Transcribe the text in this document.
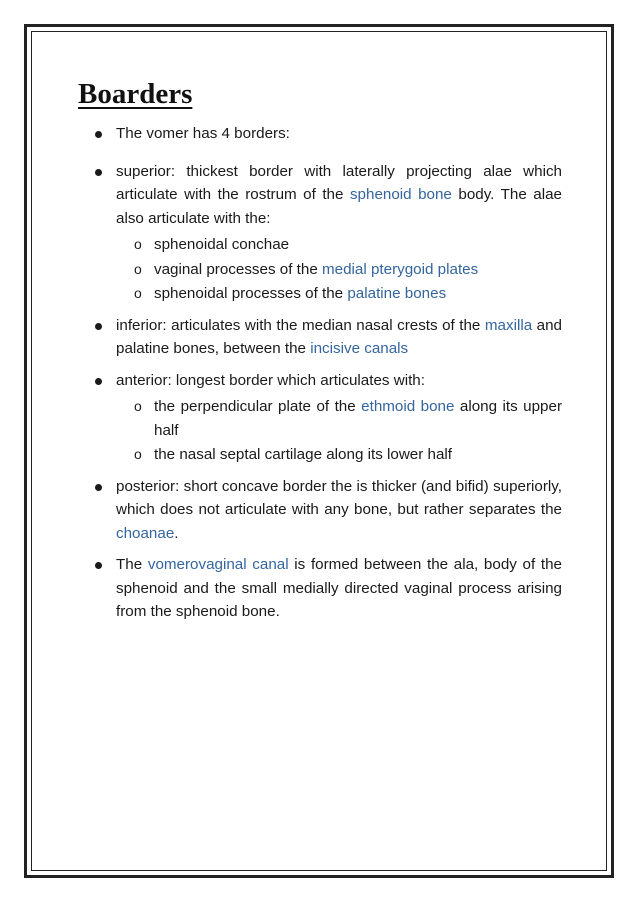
Boarders
The vomer has 4 borders:
superior: thickest border with laterally projecting alae which articulate with the rostrum of the sphenoid bone body. The alae also articulate with the:
o sphenoidal conchae
o vaginal processes of the medial pterygoid plates
o sphenoidal processes of the palatine bones
inferior: articulates with the median nasal crests of the maxilla and palatine bones, between the incisive canals
anterior: longest border which articulates with:
o the perpendicular plate of the ethmoid bone along its upper half
o the nasal septal cartilage along its lower half
posterior: short concave border the is thicker (and bifid) superiorly, which does not articulate with any bone, but rather separates the choanae.
The vomerovaginal canal is formed between the ala, body of the sphenoid and the small medially directed vaginal process arising from the sphenoid bone.
